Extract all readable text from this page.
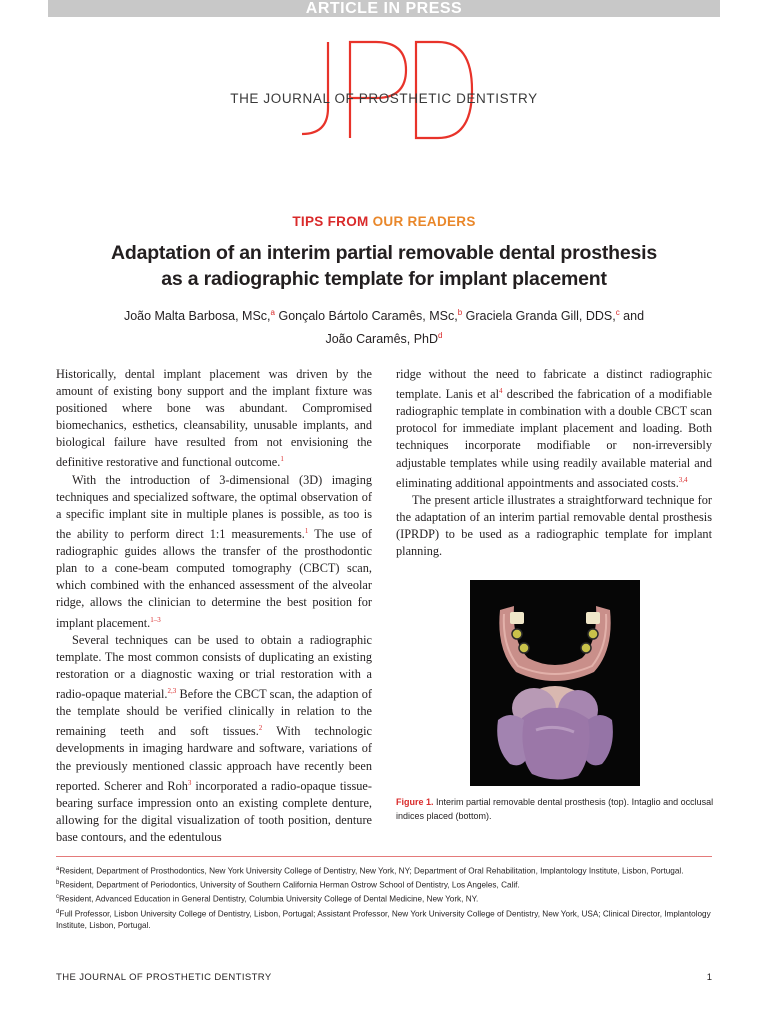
ARTICLE IN PRESS
THE JOURNAL OF PROSTHETIC DENTISTRY
TIPS FROM OUR READERS
Adaptation of an interim partial removable dental prosthesis
as a radiographic template for implant placement
João Malta Barbosa, MSc,$^a$ Gonçalo Bártolo Caramês, MSc,$^b$ Graciela Granda Gill, DDS,$^c$ and
João Caramês, PhD$^d$

Historically, dental implant placement was driven by the amount of existing bony support and the implant fixture was positioned where bone was abundant. Compromised biomechanics, esthetics, cleansability, unusable implants, and biological failure have resulted from not envisioning the definitive restorative and functional outcome.$^1$

With the introduction of 3-dimensional (3D) imaging techniques and specialized software, the optimal observation of a specific implant site in multiple planes is possible, as too is the ability to perform direct 1:1 measurements.$^1$ The use of radiographic guides allows the transfer of the prosthodontic plan to a cone-beam computed tomography (CBCT) scan, which combined with the enhanced assessment of the alveolar ridge, allows the clinician to determine the best position for implant placement.$^{1-3}$

Several techniques can be used to obtain a radiographic template. The most common consists of duplicating an existing restoration or a diagnostic waxing or trial restoration with a radio-opaque material.$^{2,3}$ Before the CBCT scan, the adaption of the template should be verified clinically in relation to the remaining teeth and soft tissues.$^2$ With technologic developments in imaging hardware and software, variations of the previously mentioned classic approach have recently been reported. Scherer and Roh$^3$ incorporated a radio-opaque tissue-bearing surface impression onto an existing complete denture, allowing for the digital visualization of tooth position, denture base contours, and the edentulous

ridge without the need to fabricate a distinct radiographic template. Lanis et $al^4$ described the fabrication of a modifiable radiographic template in combination with a double CBCT scan protocol for immediate implant placement and loading. Both techniques incorporate modifiable or non-irreversibly adjustable templates while using readily available material and eliminating additional appointments and associated costs.$^{3,4}$

The present article illustrates a straightforward technique for the adaptation of an interim partial removable dental prosthesis (IPRDP) to be used as a radiographic template for implant planning.

Figure 1. Interim partial removable dental prosthesis (top). Intaglio and occlusal indices placed (bottom).

$^a$Resident, Department of Prosthodontics, New York University College of Dentistry, New York, NY; Department of Oral Rehabilitation, Implantology Institute, Lisbon, Portugal.

$^b$Resident, Department of Periodontics, University of Southern California Herman Ostrow School of Dentistry, Los Angeles, Calif.

$^c$Resident, Advanced Education in General Dentistry, Columbia University College of Dental Medicine, New York, NY.

$^d$Full Professor, Lisbon University College of Dentistry, Lisbon, Portugal; Assistant Professor, New York University College of Dentistry, New York, USA; Clinical Director, Implantology Institute, Lisbon, Portugal.

THE JOURNAL OF PROSTHETIC DENTISTRY	1
